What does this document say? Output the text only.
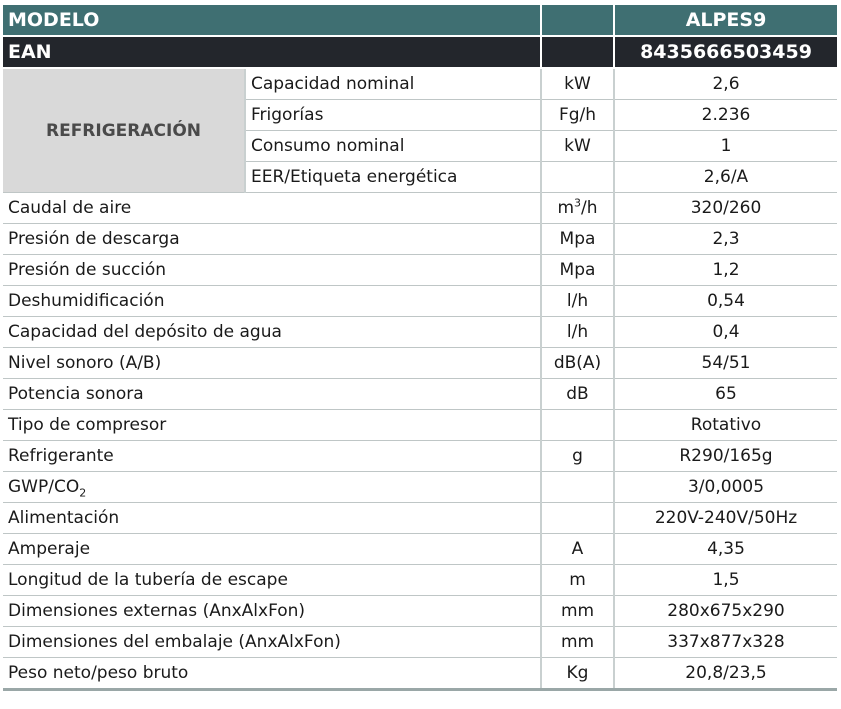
MODELO			ALPES9
EAN			8435666503459
REFRIGERACIÓN	Capacidad nominal	kW	2,6
	Frigorías	Fg/h	2.236
	Consumo nominal	kW	1
	EER/Etiqueta energética		2,6/A
Caudal de aire		$m^3/h$	320/260
Presión de descarga		Mpa	2,3
Presión de succión		Mpa	1,2
Deshumidificación		l/h	0,54
Capacidad del depósito de agua		l/h	0,4
Nivel sonoro (A/B)		dB(A)	54/51
Potencia sonora		dB	65
Tipo de compresor			Rotativo
Refrigerante		g	R290/165g
GWP/$CO_2$			3/0,0005
Alimentación			220V-240V/50Hz
Amperaje		A	4,35
Longitud de la tubería de escape		m	1,5
Dimensiones externas (AnxAlxFon)		mm	280x675x290
Dimensiones del embalaje (AnxAlxFon)		mm	337x877x328
Peso neto/peso bruto		Kg	20,8/23,5
